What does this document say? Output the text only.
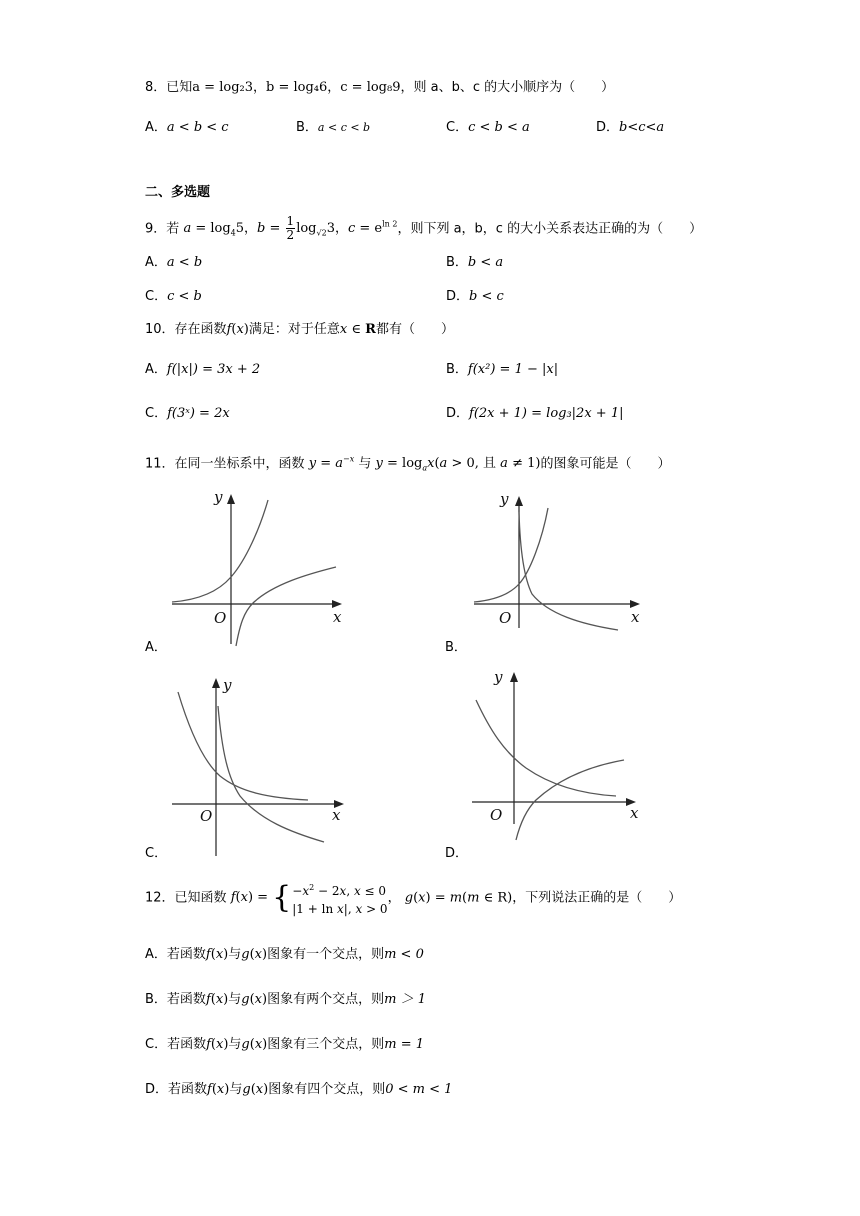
8．已知a = log₂3，b = log₄6，c = log₈9，则 a、b、c 的大小顺序为（　　）
A．a < b < c	B．a < c < b	C．c < b < a	D．b<c<a
二、多选题
9．若 $a = \log_45$，$b = \frac{1}{2} \log_{√2}3$，$c = e^{ln 2}$，则下列 a，b，c 的大小关系表达正确的为（　　）
A．a < b	B．b < a
C．c < b	D．b < c
10．存在函数f(x)满足：对于任意x ∈ R都有（　　）
A．f(|x|) = 3x + 2	B．f(x²) = 1 − |x|
C．f(3ˣ) = 2x	D．f(2x + 1) = log₃|2x + 1|
11．在同一坐标系中，函数 $y = a^{-x}$ 与 $y = \log_ax(a > 0$, 且 a ≠ 1)的图象可能是（　　）
y
x
O
A．
y
x
O
B．
y
x
O
C．
y
x
O
D．
12．已知函数 f ( x ) = { $-x^2 - 2x$, x ≤ 0
|1 + ln x|, x > 0
， g(x) = m(m ∈ R)，下列说法正确的是（　　）
A．若函数f(x)与g(x)图象有一个交点，则m < 0
B．若函数f(x)与g(x)图象有两个交点，则m ＞ 1
C．若函数f(x)与g(x)图象有三个交点，则m = 1
D．若函数f(x)与g(x)图象有四个交点，则0 < m < 1
